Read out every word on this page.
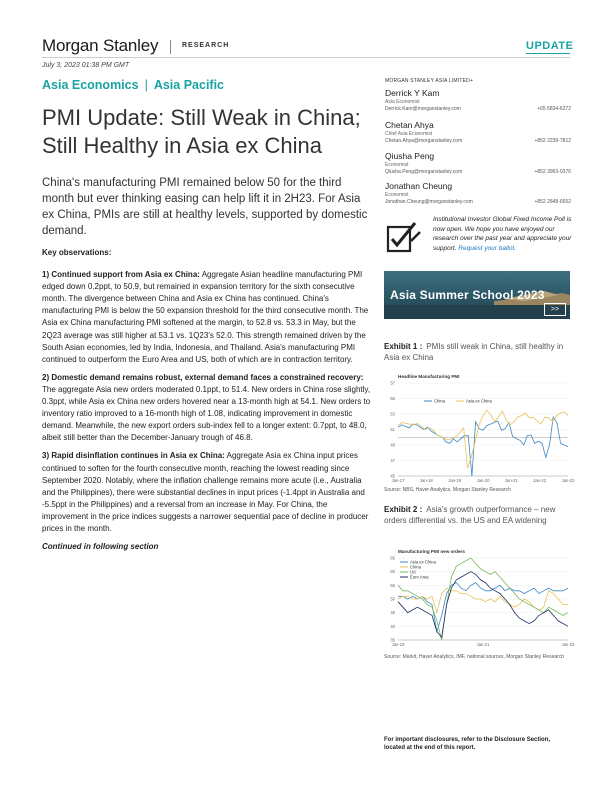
Morgan Stanley	RESEARCH	UPDATE
July 3, 2023 01:38 PM GMT
Asia Economics | Asia Pacific
PMI Update: Still Weak in China; Still Healthy in Asia ex China
China's manufacturing PMI remained below 50 for the third month but ever thinking easing can help lift it in 2H23. For Asia ex China, PMIs are still at healthy levels, supported by domestic demand.

Key observations:

1) Continued support from Asia ex China: Aggregate Asian headline manufacturing PMI edged down 0.2ppt, to 50.9, but remained in expansion territory for the sixth consecutive month. The divergence between China and Asia ex China has continued. China's manufacturing PMI is below the 50 expansion threshold for the third consecutive month. The Asia ex China manufacturing PMI softened at the margin, to 52.8 vs. 53.3 in May, but the 2Q23 average was still higher at 53.1 vs. 1Q23's 52.0. This strength remained driven by the South Asian economies, led by India, Indonesia, and Thailand. Asia's manufacturing PMI continued to outperform the Euro Area and US, both of which are in contraction territory.

2) Domestic demand remains robust, external demand faces a constrained recovery: The aggregate Asia new orders moderated 0.1ppt, to 51.4. New orders in China rose slightly, 0.3ppt, while Asia ex China new orders hovered near a 13-month high at 54.1. New orders to inventory ratio improved to a 16-month high of 1.08, indicating improvement in domestic demand. Meanwhile, the new export orders sub-index fell to a longer extent: 0.7ppt, to 48.0, albeit still better than the December-January trough of 46.8.

3) Rapid disinflation continues in Asia ex China: Aggregate Asia ex China input prices continued to soften for the fourth consecutive month, reaching the lowest reading since September 2020. Notably, where the inflation challenge remains more acute (i.e., Australia and the Philippines), there were substantial declines in input prices (-1.4ppt in Australia and -5.5ppt in the Philippines) and a reversal from an increase in May. For China, the improvement in the price indices suggests a narrower sequential pace of decline in producer prices in the month.

Continued in following section

MORGAN STANLEY ASIA LIMITED+
Derrick Y Kam
Asia Economist
Derrick.Kam@morganstanley.com	+65 6834-6272
Chetan Ahya
Chief Asia Economist
Chetan.Ahya@morganstanley.com	+852 2239-7812
Qiusha Peng
Economist
Qiusha.Peng@morganstanley.com	+852 3963-0376
Jonathan Cheung
Economist
Jonathan.Cheung@morganstanley.com	+852 2848-6652
Institutional Investor Global Fixed Income Poll is now open. We hope you have enjoyed our research over the past year and appreciate your support. Request your ballot.
Asia Summer School 2023
>>
Exhibit 1 : PMIs still weak in China, still healthy in Asia ex China
Headline Manufacturing PMI
45
47
49
51
53
55
57
Jan-17	Jan-18	Jan-19	Jan-20	Jun-21	Jan-22	Jan-23
China	Asia ex China
Source: NBS, Haver Analytics, Morgan Stanley Research
Exhibit 2 : Asia's growth outperformance – new orders differential vs. the US and EA widening
Manufacturing PMI new orders
35
40
45
50
55
60
65
Jan-19	Jan-21	Jan-23
Asia ex China
China
US
Euro Area
Source: Markit, Haver Analytics, IMF, national sources, Morgan Stanley Research
For important disclosures, refer to the Disclosure Section, located at the end of this report.
